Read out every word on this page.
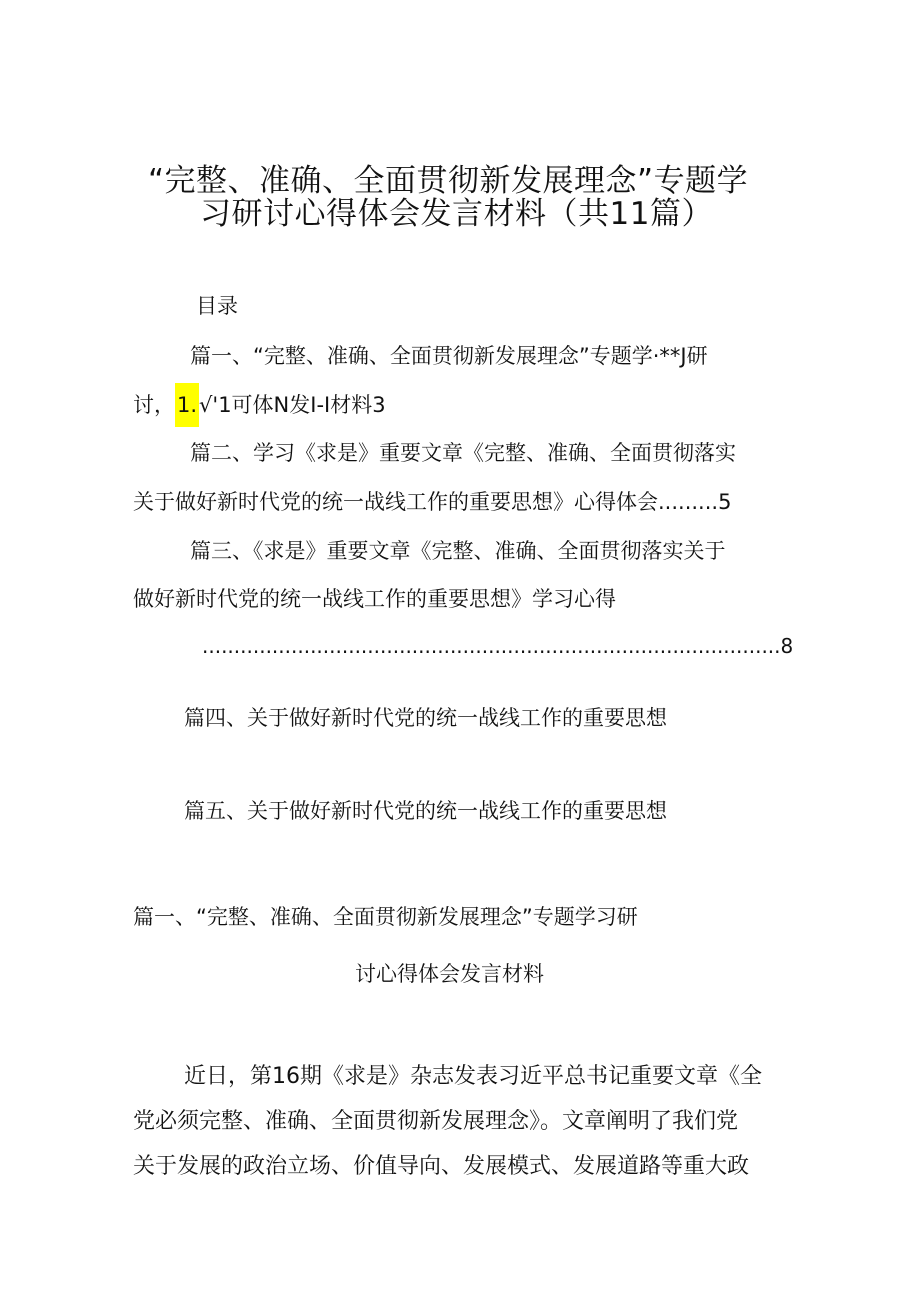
“完整、准确、全面贯彻新发展理念”专题学

习研讨心得体会发言材料（共11篇）

目录

篇一、“完整、准确、全面贯彻新发展理念”专题学·**J研

讨，1.√'1可体N发I-I材料3

篇二、学习《求是》重要文章《完整、准确、全面贯彻落实

关于做好新时代党的统一战线工作的重要思想》心得体会.........5

篇三、《求是》重要文章《完整、准确、全面贯彻落实关于

做好新时代党的统一战线工作的重要思想》学习心得

...........................................................................................8

篇四、关于做好新时代党的统一战线工作的重要思想

篇五、关于做好新时代党的统一战线工作的重要思想

篇一、“完整、准确、全面贯彻新发展理念”专题学习研

讨心得体会发言材料

近日，第16期《求是》杂志发表习近平总书记重要文章《全

党必须完整、准确、全面贯彻新发展理念》。文章阐明了我们党

关于发展的政治立场、价值导向、发展模式、发展道路等重大政
